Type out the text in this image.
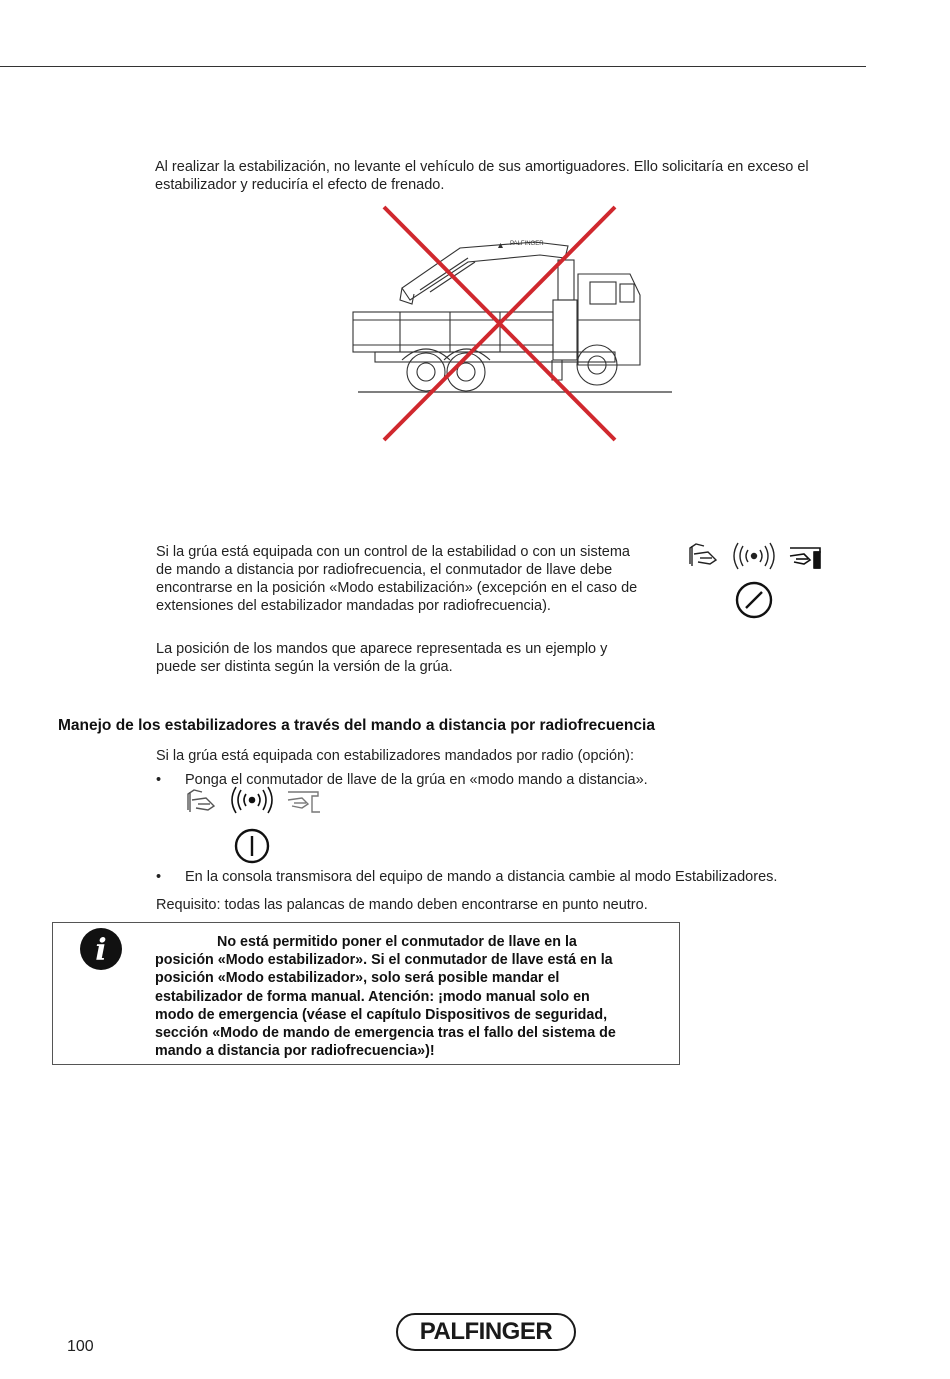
Al realizar la estabilización, no levante el vehículo de sus amortiguadores. Ello solicitaría en exceso el
estabilizador y reduciría el efecto de frenado.
PALFINGER
Si la grúa está equipada con un control de la estabilidad o con un sistema
de mando a distancia por radiofrecuencia, el conmutador de llave debe
encontrarse en la posición «Modo estabilización» (excepción en el caso de
extensiones del estabilizador mandadas por radiofrecuencia).
La posición de los mandos que aparece representada es un ejemplo y
puede ser distinta según la versión de la grúa.
Manejo de los estabilizadores a través del mando a distancia por radiofrecuencia
Si la grúa está equipada con estabilizadores mandados por radio (opción):
• Ponga el conmutador de llave de la grúa en «modo mando a distancia».
• En la consola transmisora del equipo de mando a distancia cambie al modo Estabilizadores.
Requisito: todas las palancas de mando deben encontrarse en punto neutro.
i	No está permitido poner el conmutador de llave en la
posición «Modo estabilizador». Si el conmutador de llave está en la
posición «Modo estabilizador», solo será posible mandar el
estabilizador de forma manual. Atención: ¡modo manual solo en
modo de emergencia (véase el capítulo Dispositivos de seguridad,
sección «Modo de mando de emergencia tras el fallo del sistema de
mando a distancia por radiofrecuencia»)!
100
PALFINGER
